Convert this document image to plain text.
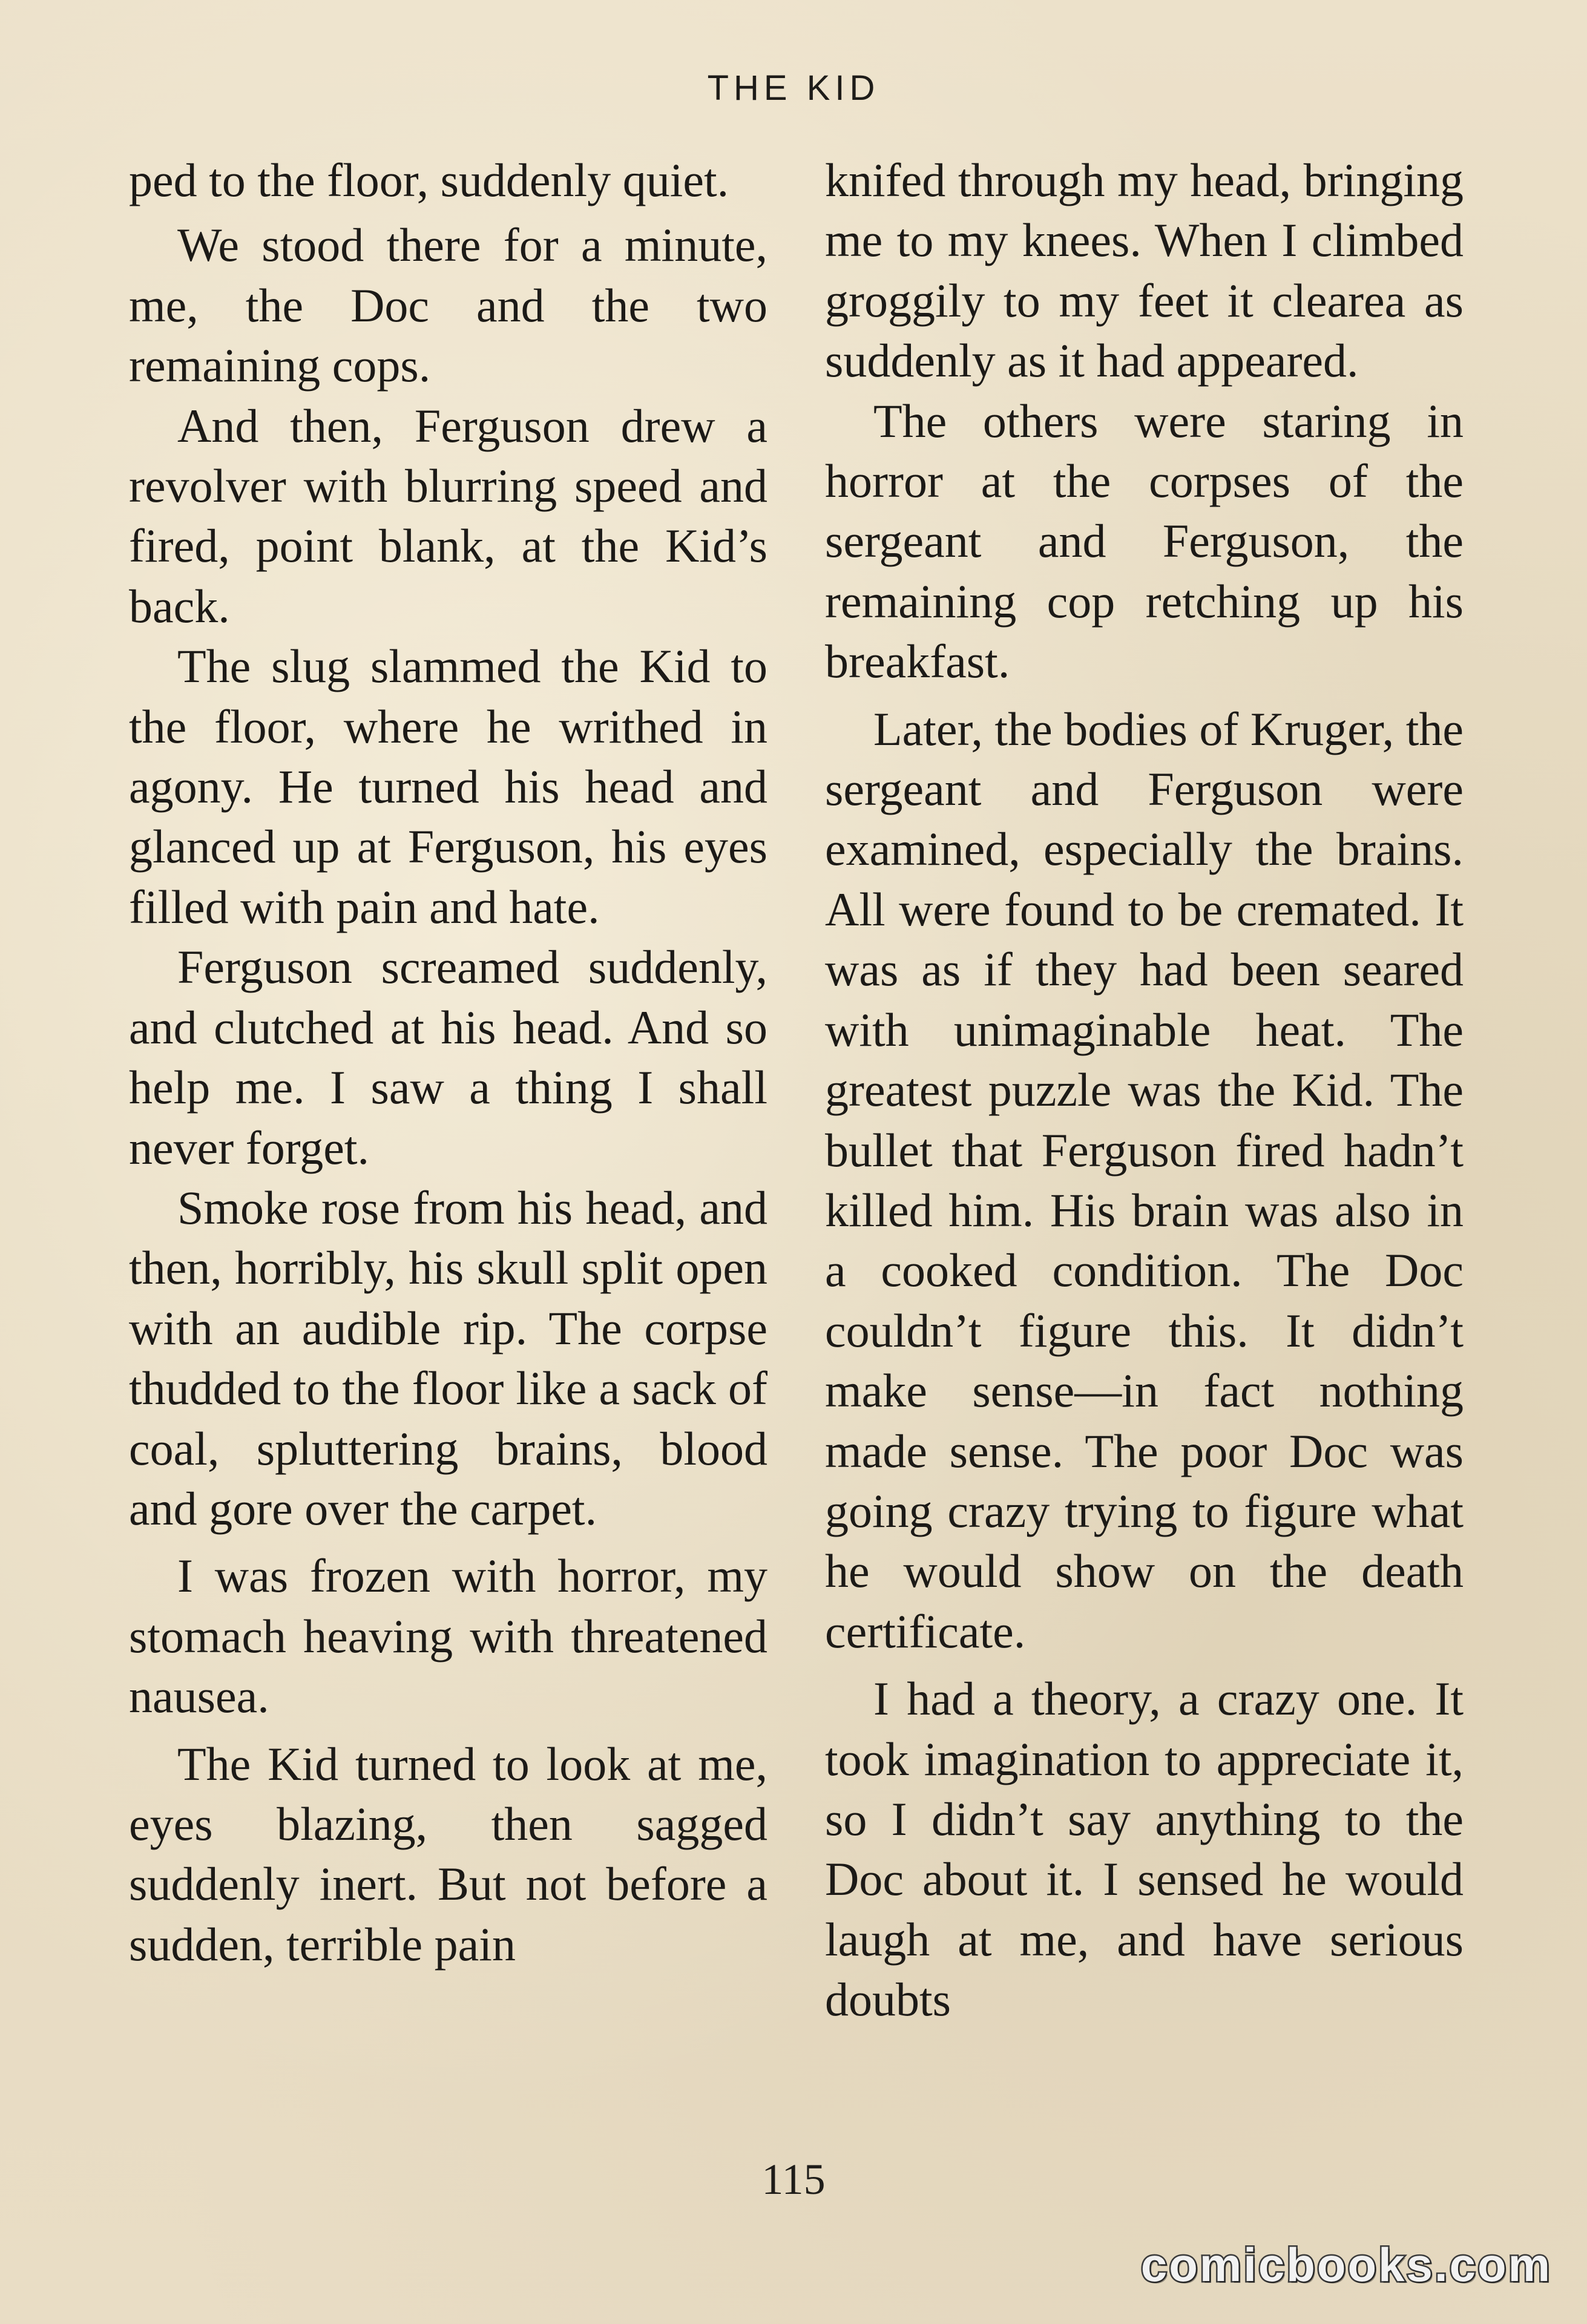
THE KID

ped to the floor, suddenly quiet.

We stood there for a minute, me, the Doc and the two remaining cops.

And then, Ferguson drew a revolver with blurring speed and fired, point blank, at the Kid’s back.

The slug slammed the Kid to the floor, where he writhed in agony. He turned his head and glanced up at Ferguson, his eyes filled with pain and hate.

Ferguson screamed suddenly, and clutched at his head. And so help me. I saw a thing I shall never forget.

Smoke rose from his head, and then, horribly, his skull split open with an audible rip. The corpse thudded to the floor like a sack of coal, spluttering brains, blood and gore over the carpet.

I was frozen with horror, my stomach heaving with threatened nausea.

The Kid turned to look at me, eyes blazing, then sagged suddenly inert. But not before a sudden, terrible pain

knifed through my head, bringing me to my knees. When I climbed groggily to my feet it clearea as suddenly as it had appeared.

The others were staring in horror at the corpses of the sergeant and Ferguson, the remaining cop retching up his breakfast.

Later, the bodies of Kruger, the sergeant and Ferguson were examined, especially the brains. All were found to be cremated. It was as if they had been seared with unimaginable heat. The greatest puzzle was the Kid. The bullet that Ferguson fired hadn’t killed him. His brain was also in a cooked condition. The Doc couldn’t figure this. It didn’t make sense—in fact nothing made sense. The poor Doc was going crazy trying to figure what he would show on the death certificate.

I had a theory, a crazy one. It took imagination to appreciate it, so I didn’t say anything to the Doc about it. I sensed he would laugh at me, and have serious doubts

115
comicbooks.com
